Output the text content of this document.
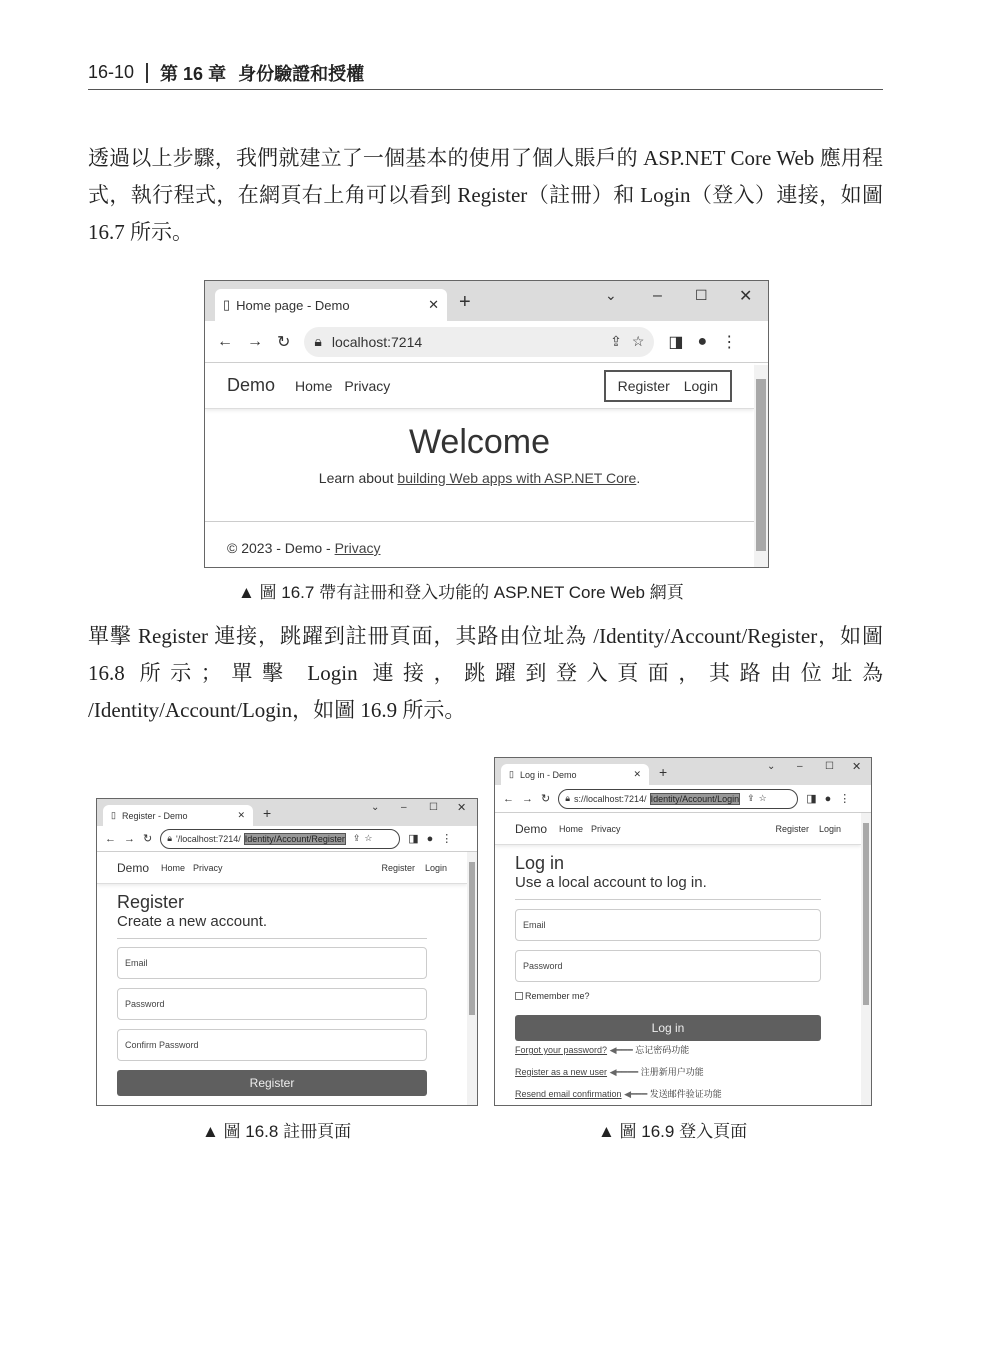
16-10 第 16 章 身份驗證和授權

透過以上步驟，我們就建立了一個基本的使用了個人賬戶的 ASP.NET Core Web 應用程式，執行程式，在網頁右上角可以看到 Register（註冊）和 Login（登入）連接，如圖 16.7 所示。

▯ Home page - Demo	✕ +	⌄ – ☐ ✕
← → ↻ 🔒︎ localhost:7214	⇪ ☆ ◨ ● ⋮
Demo Home Privacy	Register Login
Welcome
Learn about building Web apps with ASP.NET Core.
© 2023 - Demo - Privacy
▲ 圖 16.7 帶有註冊和登入功能的 ASP.NET Core Web 網頁

單擊 Register 連接，跳躍到註冊頁面，其路由位址為 /Identity/Account/Register，如圖 16.8 所示；單擊 Login 連接，跳躍到登入頁面，其路由位址為 /Identity/Account/Login，如圖 16.9 所示。

▯ Register - Demo	✕ +	⌄ – ☐ ✕
← → ↻ 🔒︎ '/localhost:7214/ Identity/Account/Register ⇪ ☆	◨ ● ⋮
Demo Home Privacy	Register Login
Register
Create a new account.
Email
Password
Confirm Password
Register
▲ 圖 16.8 註冊頁面
▯ Log in - Demo	✕ +	⌄ – ☐ ✕
← → ↻ 🔒︎ s://localhost:7214/ Identity/Account/Login ⇪ ☆	◨ ● ⋮
Demo Home Privacy	Register Login
Log in
Use a local account to log in.
Email
Password
Remember me?
Log in
Forgot your password? ◀━━━ 忘记密码功能
Register as a new user ◀━━━━ 注册新用户功能
Resend email confirmation ◀━━━ 发送邮件验证功能
▲ 圖 16.9 登入頁面
